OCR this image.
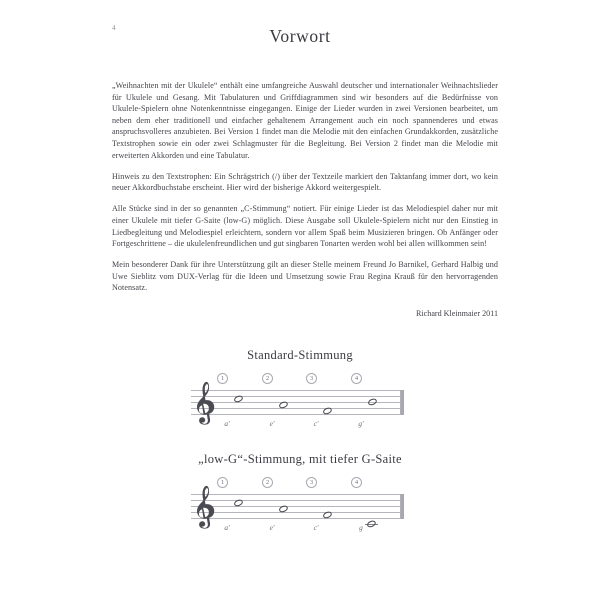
4	Vorwort

„Weihnachten mit der Ukulele“ enthält eine umfangreiche Auswahl deutscher und internationaler Weihnachtslieder für Ukulele und Gesang. Mit Tabulaturen und Griffdiagrammen sind wir besonders auf die Bedürfnisse von Ukulele-Spielern ohne Notenkenntnisse eingegangen. Einige der Lieder wurden in zwei Versionen bearbeitet, um neben dem eher traditionell und einfacher gehaltenem Arrangement auch ein noch spannenderes und etwas anspruchsvolleres anzubieten. Bei Version 1 findet man die Melodie mit den einfachen Grundakkorden, zusätzliche Textstrophen sowie ein oder zwei Schlagmuster für die Begleitung. Bei Version 2 findet man die Melodie mit erweiterten Akkorden und eine Tabulatur.

Hinweis zu den Textstrophen: Ein Schrägstrich (/) über der Textzeile markiert den Taktanfang immer dort, wo kein neuer Akkordbuchstabe erscheint. Hier wird der bisherige Akkord weitergespielt.

Alle Stücke sind in der so genannten „C-Stimmung“ notiert. Für einige Lieder ist das Melodiespiel daher nur mit einer Ukulele mit tiefer G-Saite (low-G) möglich. Diese Ausgabe soll Ukulele-Spielern nicht nur den Einstieg in Liedbegleitung und Melodiespiel erleichtern, sondern vor allem Spaß beim Musizieren bringen. Ob Anfänger oder Fortgeschrittene – die ukulelenfreundlichen und gut singbaren Tonarten werden wohl bei allen willkommen sein!

Mein besonderer Dank für ihre Unterstützung gilt an dieser Stelle meinem Freund Jo Barnikel, Gerhard Halbig und Uwe Sieblitz vom DUX-Verlag für die Ideen und Umsetzung sowie Frau Regina Krauß für den hervorragenden Notensatz.

Richard Kleinmaier 2011

Standard-Stimmung
1	2	3	4
a'	e'	c'	g'
„low-G“-Stimmung, mit tiefer G-Saite
1	2	3	4
a'	e'	c'	g
